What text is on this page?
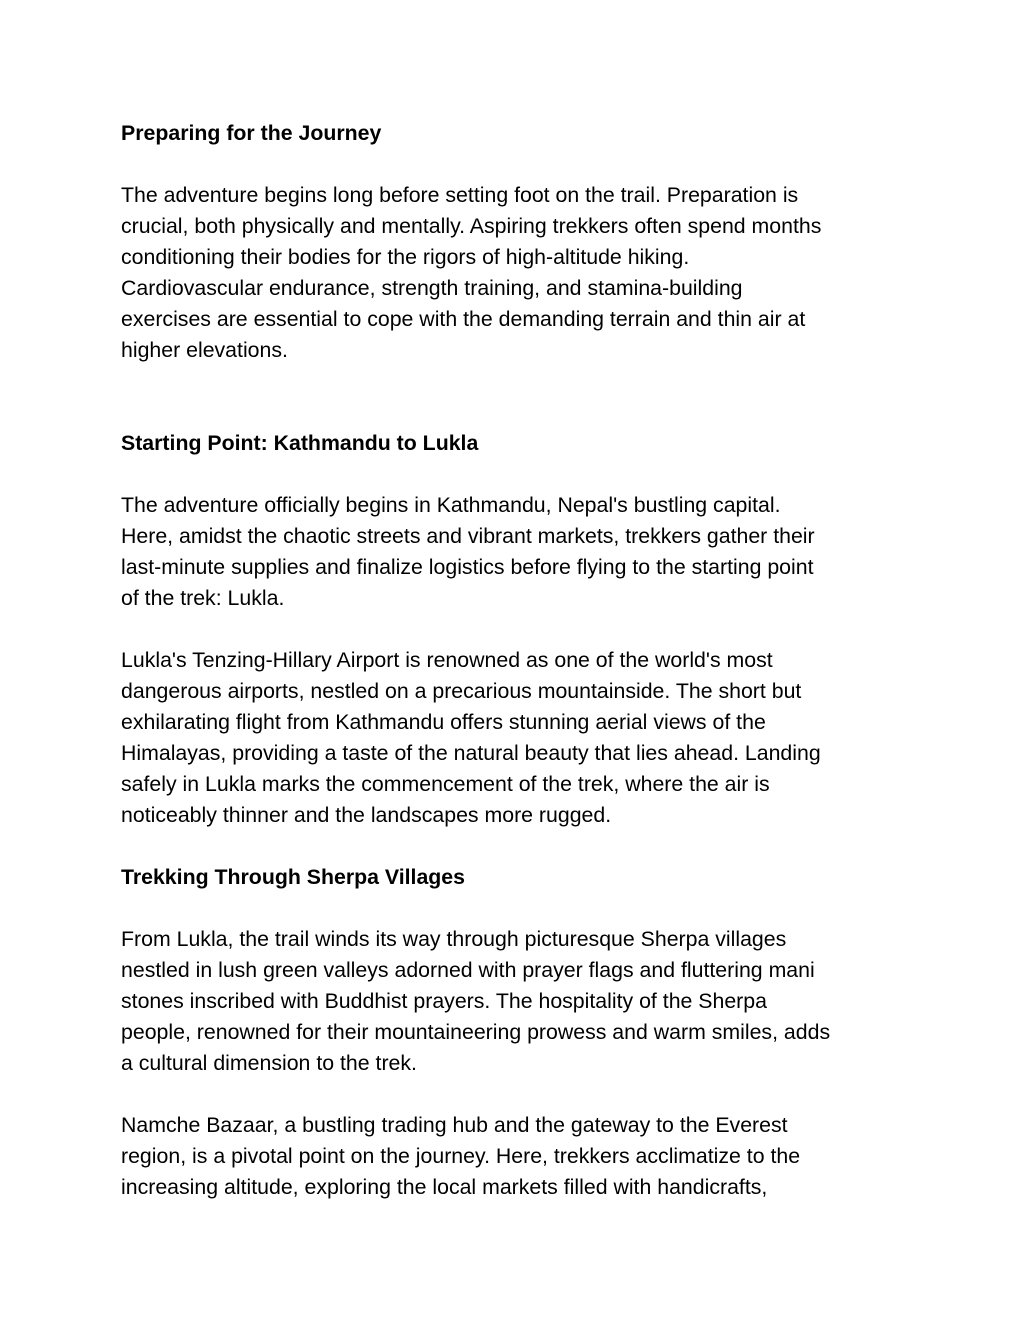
Preparing for the Journey
The adventure begins long before setting foot on the trail. Preparation is
crucial, both physically and mentally. Aspiring trekkers often spend months
conditioning their bodies for the rigors of high-altitude hiking.
Cardiovascular endurance, strength training, and stamina-building
exercises are essential to cope with the demanding terrain and thin air at
higher elevations.
Starting Point: Kathmandu to Lukla
The adventure officially begins in Kathmandu, Nepal's bustling capital.
Here, amidst the chaotic streets and vibrant markets, trekkers gather their
last-minute supplies and finalize logistics before flying to the starting point
of the trek: Lukla.
Lukla's Tenzing-Hillary Airport is renowned as one of the world's most
dangerous airports, nestled on a precarious mountainside. The short but
exhilarating flight from Kathmandu offers stunning aerial views of the
Himalayas, providing a taste of the natural beauty that lies ahead. Landing
safely in Lukla marks the commencement of the trek, where the air is
noticeably thinner and the landscapes more rugged.
Trekking Through Sherpa Villages
From Lukla, the trail winds its way through picturesque Sherpa villages
nestled in lush green valleys adorned with prayer flags and fluttering mani
stones inscribed with Buddhist prayers. The hospitality of the Sherpa
people, renowned for their mountaineering prowess and warm smiles, adds
a cultural dimension to the trek.
Namche Bazaar, a bustling trading hub and the gateway to the Everest
region, is a pivotal point on the journey. Here, trekkers acclimatize to the
increasing altitude, exploring the local markets filled with handicrafts,
